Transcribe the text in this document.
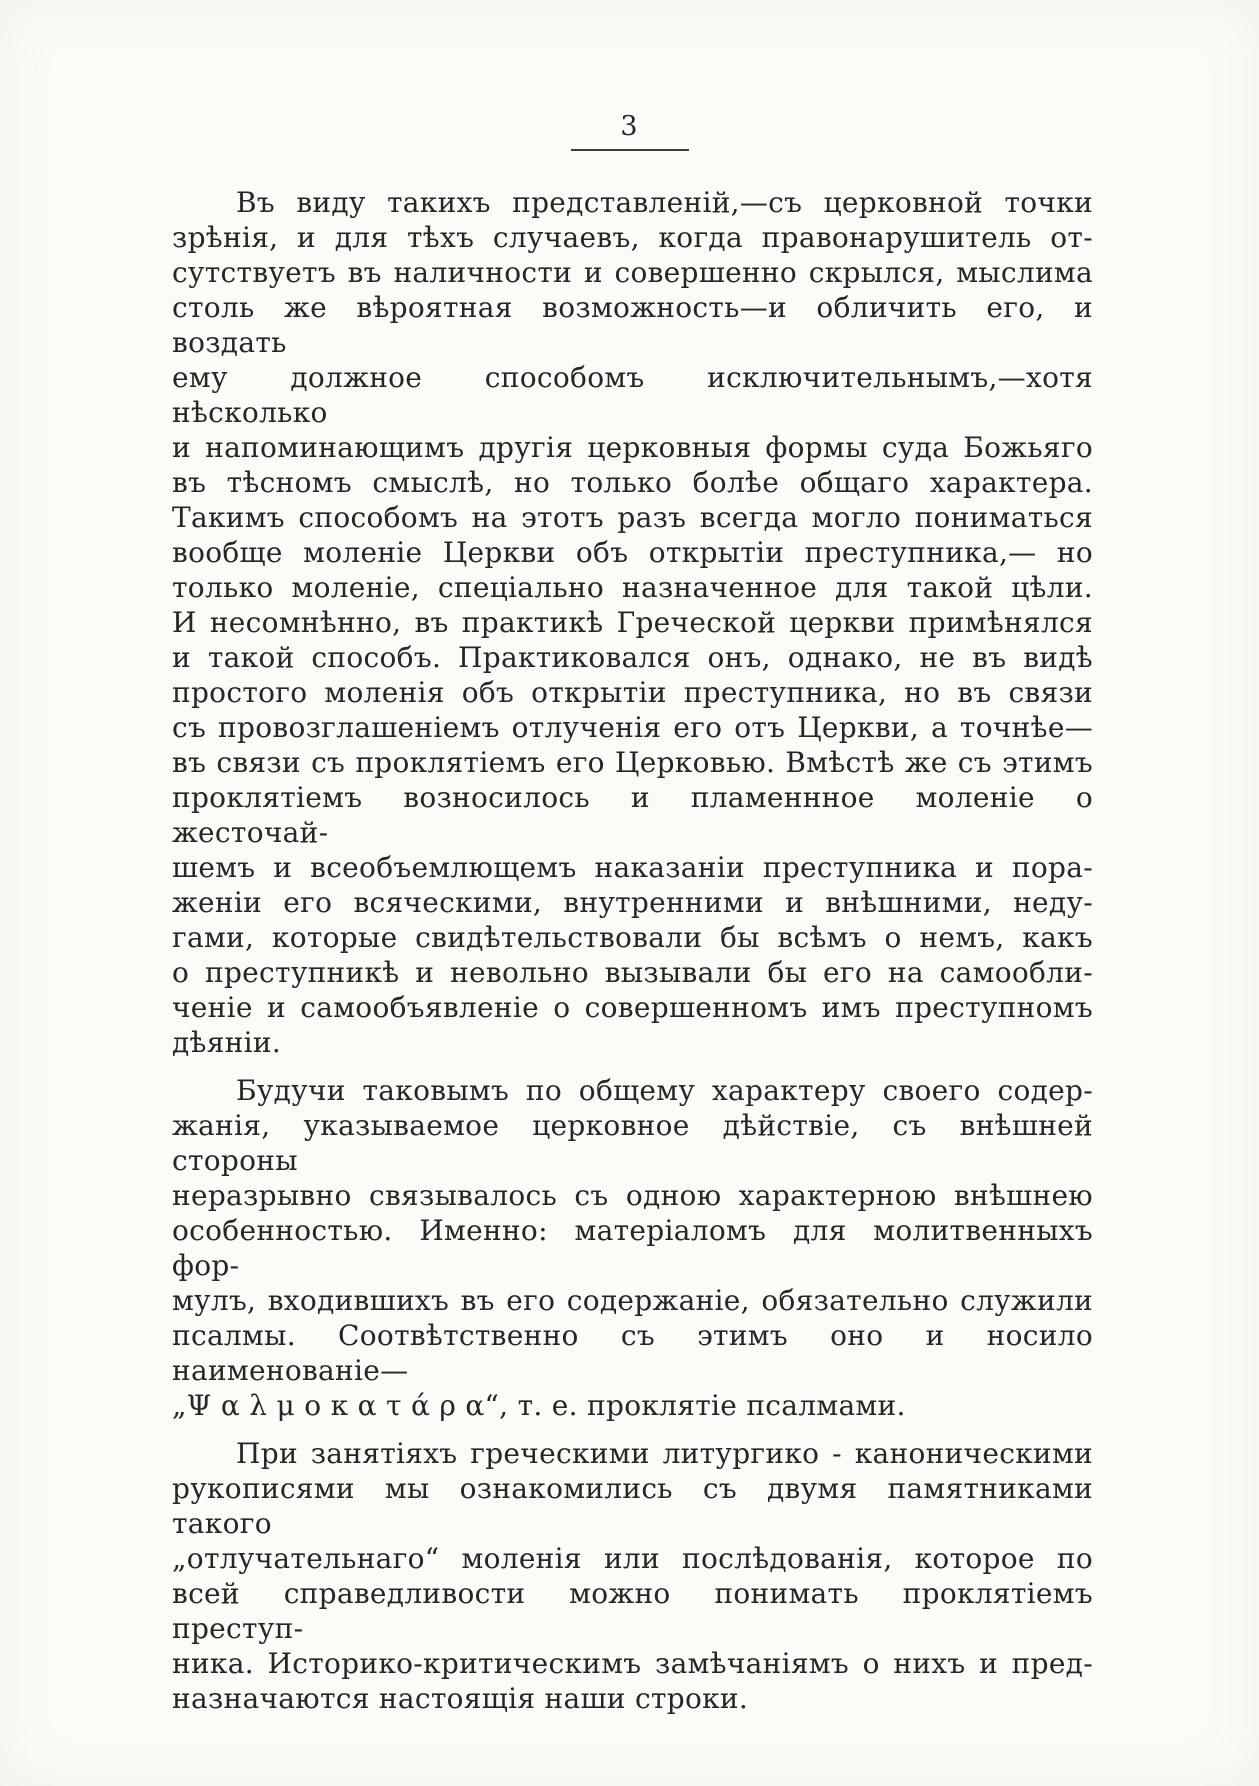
3

Въ виду такихъ представленій,—съ церковной точки
зрѣнія, и для тѣхъ случаевъ, когда правонарушитель от-
сутствуетъ въ наличности и совершенно скрылся, мыслима
столь же вѣроятная возможность—и обличить его, и воздать
ему должное способомъ исключительнымъ,—хотя нѣсколько
и напоминающимъ другія церковныя формы суда Божьяго
въ тѣсномъ смыслѣ, но только болѣе общаго характера.
Такимъ способомъ на этотъ разъ всегда могло пониматься
вообще моленіе Церкви объ открытіи преступника,— но
только моленіе, спеціально назначенное для такой цѣли.
И несомнѣнно, въ практикѣ Греческой церкви примѣнялся
и такой способъ. Практиковался онъ, однако, не въ видѣ
простого моленія объ открытіи преступника, но въ связи
съ провозглашеніемъ отлученія его отъ Церкви, а точнѣе—
въ связи съ проклятіемъ его Церковью. Вмѣстѣ же съ этимъ
проклятіемъ возносилось и пламеннное моленіе о жесточай-
шемъ и всеобъемлющемъ наказаніи преступника и пора-
женіи его всяческими, внутренними и внѣшними, неду-
гами, которые свидѣтельствовали бы всѣмъ о немъ, какъ
о преступникѣ и невольно вызывали бы его на самообли-
ченіе и самообъявленіе о совершенномъ имъ преступномъ
дѣяніи.

Будучи таковымъ по общему характеру своего содер-
жанія, указываемое церковное дѣйствіе, съ внѣшней стороны
неразрывно связывалось съ одною характерною внѣшнею
особенностью. Именно: матеріаломъ для молитвенныхъ фор-
мулъ, входившихъ въ его содержаніе, обязательно служили
псалмы. Соотвѣтственно съ этимъ оно и носило наименованіе—
„Ψ α λ μ ο κ α τ ά ρ α“, т. е. проклятіе псалмами.

При занятіяхъ греческими литургико - каноническими
рукописями мы ознакомились съ двумя памятниками такого
„отлучательнаго“ моленія или послѣдованія, которое по
всей справедливости можно понимать проклятіемъ преступ-
ника. Историко-критическимъ замѣчаніямъ о нихъ и пред-
назначаются настоящія наши строки.
